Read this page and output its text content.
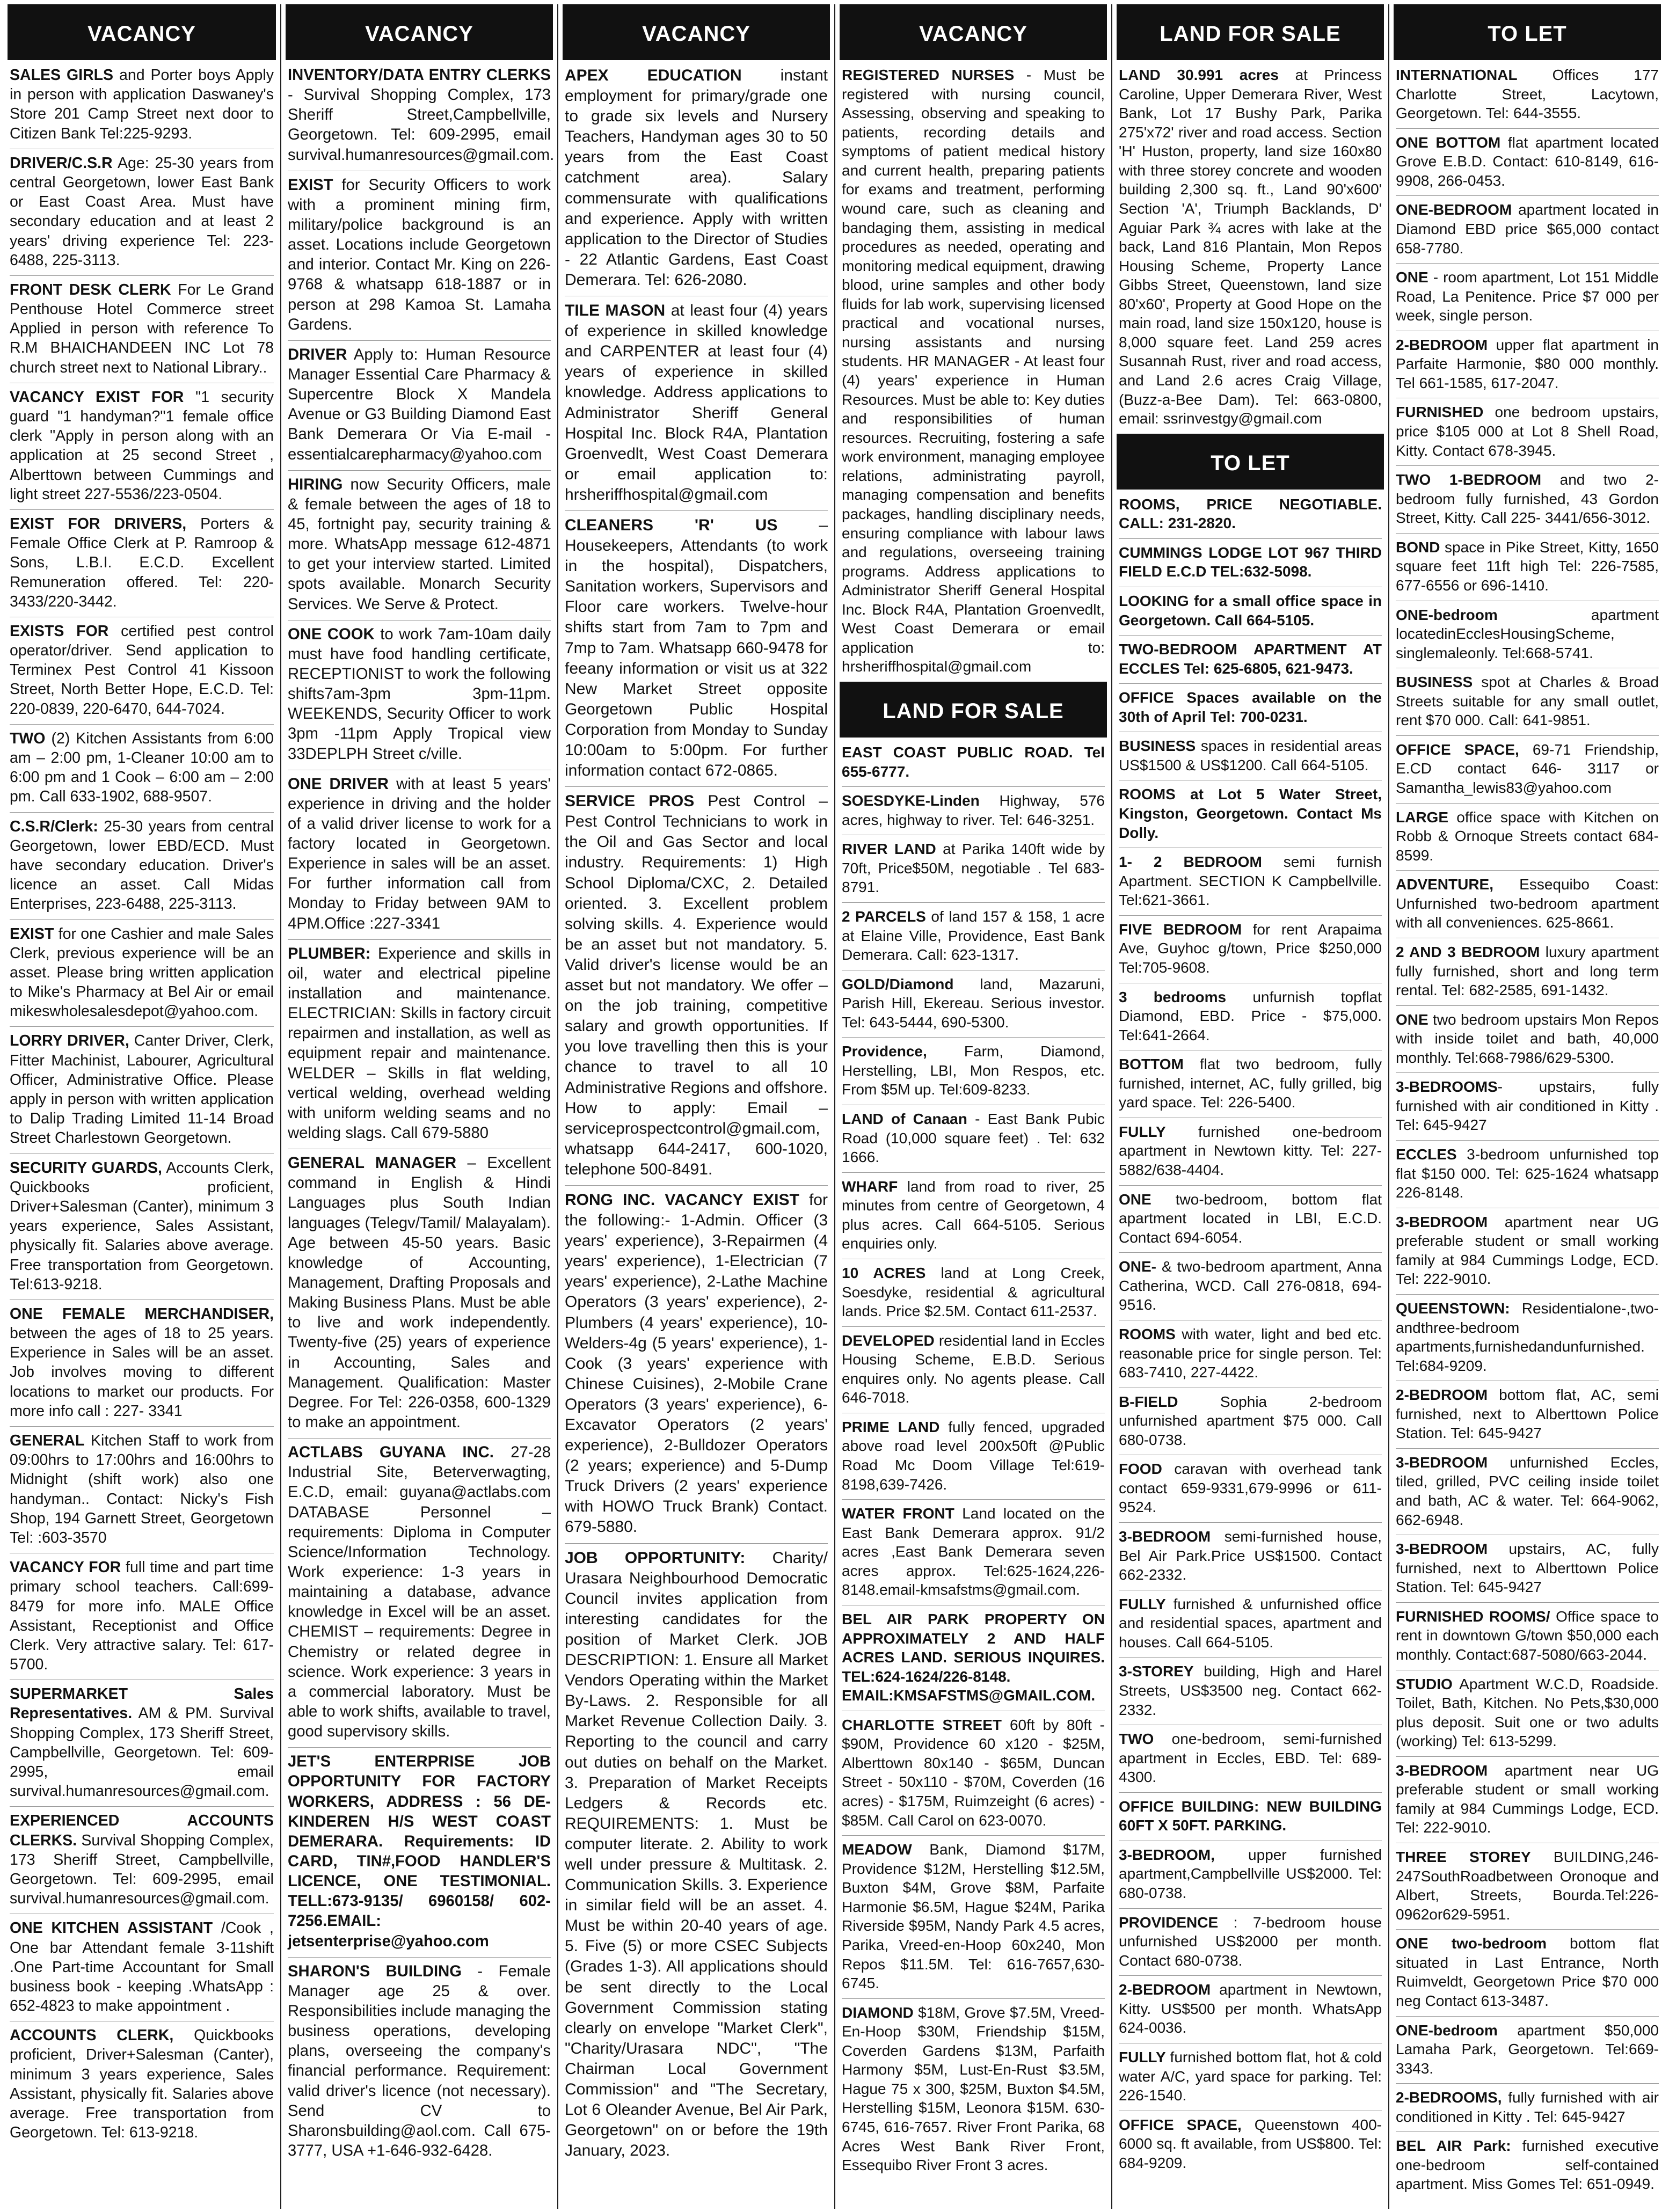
VACANCY
SALES GIRLS and Porter boys Apply in person with application Daswaney's Store 201 Camp Street next door to Citizen Bank Tel:225-9293.
DRIVER/C.S.R Age: 25-30 years from central Georgetown, lower East Bank or East Coast Area. Must have secondary education and at least 2 years' driving experience Tel: 223-6488, 225-3113.
FRONT DESK CLERK For Le Grand Penthouse Hotel Commerce street Applied in person with reference To R.M BHAICHANDEEN INC Lot 78 church street next to National Library..
VACANCY EXIST FOR "1 security guard "1 handyman?"1 female office clerk "Apply in person along with an application at 25 second Street , Alberttown between Cummings and light street 227-5536/223-0504.
EXIST FOR DRIVERS, Porters & Female Office Clerk at P. Ramroop & Sons, L.B.I. E.C.D. Excellent Remuneration offered. Tel: 220-3433/220-3442.
EXISTS FOR certified pest control operator/driver. Send application to Terminex Pest Control 41 Kissoon Street, North Better Hope, E.C.D. Tel: 220-0839, 220-6470, 644-7024.
TWO (2) Kitchen Assistants from 6:00 am – 2:00 pm, 1-Cleaner 10:00 am to 6:00 pm and 1 Cook – 6:00 am – 2:00 pm. Call 633-1902, 688-9507.
C.S.R/Clerk: 25-30 years from central Georgetown, lower EBD/ECD. Must have secondary education. Driver's licence an asset. Call Midas Enterprises, 223-6488, 225-3113.
EXIST for one Cashier and male Sales Clerk, previous experience will be an asset. Please bring written application to Mike's Pharmacy at Bel Air or email mikeswholesalesdepot@yahoo.com.
LORRY DRIVER, Canter Driver, Clerk, Fitter Machinist, Labourer, Agricultural Officer, Administrative Office. Please apply in person with written application to Dalip Trading Limited 11-14 Broad Street Charlestown Georgetown.
SECURITY GUARDS, Accounts Clerk, Quickbooks proficient, Driver+Salesman (Canter), minimum 3 years experience, Sales Assistant, physically fit. Salaries above average. Free transportation from Georgetown. Tel:613-9218.
ONE FEMALE MERCHANDISER, between the ages of 18 to 25 years. Experience in Sales will be an asset. Job involves moving to different locations to market our products. For more info call : 227- 3341
GENERAL Kitchen Staff to work from 09:00hrs to 17:00hrs and 16:00hrs to Midnight (shift work) also one handyman.. Contact: Nicky's Fish Shop, 194 Garnett Street, Georgetown Tel: :603-3570
VACANCY FOR full time and part time primary school teachers. Call:699-8479 for more info. MALE Office Assistant, Receptionist and Office Clerk. Very attractive salary. Tel: 617-5700.
SUPERMARKET Sales Representatives. AM & PM. Survival Shopping Complex, 173 Sheriff Street, Campbellville, Georgetown. Tel: 609-2995, email survival.humanresources@gmail.com.
EXPERIENCED ACCOUNTS CLERKS. Survival Shopping Complex, 173 Sheriff Street, Campbellville, Georgetown. Tel: 609-2995, email survival.humanresources@gmail.com.
ONE KITCHEN ASSISTANT /Cook , One bar Attendant female 3-11shift .One Part-time Accountant for Small business book - keeping .WhatsApp : 652-4823 to make appointment .
ACCOUNTS CLERK, Quickbooks proficient, Driver+Salesman (Canter), minimum 3 years experience, Sales Assistant, physically fit. Salaries above average. Free transportation from Georgetown. Tel: 613-9218.
VACANCY
INVENTORY/DATA ENTRY CLERKS - Survival Shopping Complex, 173 Sheriff Street,Campbellville, Georgetown. Tel: 609-2995, email survival.humanresources@gmail.com.
EXIST for Security Officers to work with a prominent mining firm, military/police background is an asset. Locations include Georgetown and interior. Contact Mr. King on 226-9768 & whatsapp 618-1887 or in person at 298 Kamoa St. Lamaha Gardens.
DRIVER Apply to: Human Resource Manager Essential Care Pharmacy & Supercentre Block X Mandela Avenue or G3 Building Diamond East Bank Demerara Or Via E-mail - essentialcarepharmacy@yahoo.com
HIRING now Security Officers, male & female between the ages of 18 to 45, fortnight pay, security training & more. WhatsApp message 612-4871 to get your interview started. Limited spots available. Monarch Security Services. We Serve & Protect.
ONE COOK to work 7am-10am daily must have food handling certificate, RECEPTIONIST to work the following shifts7am-3pm 3pm-11pm. WEEKENDS, Security Officer to work 3pm -11pm Apply Tropical view 33DEPLPH Street c/ville.
ONE DRIVER with at least 5 years' experience in driving and the holder of a valid driver license to work for a factory located in Georgetown. Experience in sales will be an asset. For further information call from Monday to Friday between 9AM to 4PM.Office :227-3341
PLUMBER: Experience and skills in oil, water and electrical pipeline installation and maintenance. ELECTRICIAN: Skills in factory circuit repairmen and installation, as well as equipment repair and maintenance. WELDER – Skills in flat welding, vertical welding, overhead welding with uniform welding seams and no welding slags. Call 679-5880
GENERAL MANAGER – Excellent command in English & Hindi Languages plus South Indian languages (Telegv/Tamil/ Malayalam). Age between 45-50 years. Basic knowledge of Accounting, Management, Drafting Proposals and Making Business Plans. Must be able to live and work independently. Twenty-five (25) years of experience in Accounting, Sales and Management. Qualification: Master Degree. For Tel: 226-0358, 600-1329 to make an appointment.
ACTLABS GUYANA INC. 27-28 Industrial Site, Beterverwagting, E.C.D, email: guyana@actlabs.com DATABASE Personnel – requirements: Diploma in Computer Science/Information Technology. Work experience: 1-3 years in maintaining a database, advance knowledge in Excel will be an asset. CHEMIST – requirements: Degree in Chemistry or related degree in science. Work experience: 3 years in a commercial laboratory. Must be able to work shifts, available to travel, good supervisory skills.
JET'S ENTERPRISE JOB OPPORTUNITY FOR FACTORY WORKERS, ADDRESS : 56 DE-KINDEREN H/S WEST COAST DEMERARA. Requirements: ID CARD, TIN#,FOOD HANDLER'S LICENCE, ONE TESTIMONIAL. TELL:673-9135/ 6960158/ 602-7256.EMAIL: jetsenterprise@yahoo.com
SHARON'S BUILDING - Female Manager age 25 & over. Responsibilities include managing the business operations, developing plans, overseeing the company's financial performance. Requirement: valid driver's licence (not necessary). Send CV to Sharonsbuilding@aol.com. Call 675-3777, USA +1-646-932-6428.
VACANCY
APEX EDUCATION instant employment for primary/grade one to grade six levels and Nursery Teachers, Handyman ages 30 to 50 years from the East Coast catchment area). Salary commensurate with qualifications and experience. Apply with written application to the Director of Studies - 22 Atlantic Gardens, East Coast Demerara. Tel: 626-2080.
TILE MASON at least four (4) years of experience in skilled knowledge and CARPENTER at least four (4) years of experience in skilled knowledge. Address applications to Administrator Sheriff General Hospital Inc. Block R4A, Plantation Groenvedlt, West Coast Demerara or email application to: hrsheriffhospital@gmail.com
CLEANERS 'R' US – Housekeepers, Attendants (to work in the hospital), Dispatchers, Sanitation workers, Supervisors and Floor care workers. Twelve-hour shifts start from 7am to 7pm and 7mp to 7am. Whatsapp 660-9478 for feeany information or visit us at 322 New Market Street opposite Georgetown Public Hospital Corporation from Monday to Sunday 10:00am to 5:00pm. For further information contact 672-0865.
SERVICE PROS Pest Control – Pest Control Technicians to work in the Oil and Gas Sector and local industry. Requirements: 1) High School Diploma/CXC, 2. Detailed oriented. 3. Excellent problem solving skills. 4. Experience would be an asset but not mandatory. 5. Valid driver's license would be an asset but not mandatory. We offer – on the job training, competitive salary and growth opportunities. If you love travelling then this is your chance to travel to all 10 Administrative Regions and offshore. How to apply: Email – serviceprospectcontrol@gmail.com, whatsapp 644-2417, 600-1020, telephone 500-8491.
RONG INC. VACANCY EXIST for the following:- 1-Admin. Officer (3 years' experience), 3-Repairmen (4 years' experience), 1-Electrician (7 years' experience), 2-Lathe Machine Operators (3 years' experience), 2- Plumbers (4 years' experience), 10-Welders-4g (5 years' experience), 1-Cook (3 years' experience with Chinese Cuisines), 2-Mobile Crane Operators (3 years' experience), 6-Excavator Operators (2 years' experience), 2-Bulldozer Operators (2 years; experience) and 5-Dump Truck Drivers (2 years' experience with HOWO Truck Brank) Contact. 679-5880.
JOB OPPORTUNITY: Charity/ Urasara Neighbourhood Democratic Council invites application from interesting candidates for the position of Market Clerk. JOB DESCRIPTION: 1. Ensure all Market Vendors Operating within the Market By-Laws. 2. Responsible for all Market Revenue Collection Daily. 3. Reporting to the council and carry out duties on behalf on the Market. 3. Preparation of Market Receipts Ledgers & Records etc. REQUIREMENTS: 1. Must be computer literate. 2. Ability to work well under pressure & Multitask. 2. Communication Skills. 3. Experience in similar field will be an asset. 4. Must be within 20-40 years of age. 5. Five (5) or more CSEC Subjects (Grades 1-3). All applications should be sent directly to the Local Government Commission stating clearly on envelope "Market Clerk", "Charity/Urasara NDC", "The Chairman Local Government Commission" and "The Secretary, Lot 6 Oleander Avenue, Bel Air Park, Georgetown" on or before the 19th January, 2023.
VACANCY
REGISTERED NURSES - Must be registered with nursing council, Assessing, observing and speaking to patients, recording details and symptoms of patient medical history and current health, preparing patients for exams and treatment, performing wound care, such as cleaning and bandaging them, assisting in medical procedures as needed, operating and monitoring medical equipment, drawing blood, urine samples and other body fluids for lab work, supervising licensed practical and vocational nurses, nursing assistants and nursing students. HR MANAGER - At least four (4) years' experience in Human Resources. Must be able to: Key duties and responsibilities of human resources. Recruiting, fostering a safe work environment, managing employee relations, administrating payroll, managing compensation and benefits packages, handling disciplinary needs, ensuring compliance with labour laws and regulations, overseeing training programs. Address applications to Administrator Sheriff General Hospital Inc. Block R4A, Plantation Groenvedlt, West Coast Demerara or email application to: hrsheriffhospital@gmail.com
LAND FOR SALE
EAST COAST PUBLIC ROAD. Tel 655-6777.
SOESDYKE-Linden Highway, 576 acres, highway to river. Tel: 646-3251.
RIVER LAND at Parika 140ft wide by 70ft, Price$50M, negotiable . Tel 683-8791.
2 PARCELS of land 157 & 158, 1 acre at Elaine Ville, Providence, East Bank Demerara. Call: 623-1317.
GOLD/Diamond land, Mazaruni, Parish Hill, Ekereau. Serious investor. Tel: 643-5444, 690-5300.
Providence, Farm, Diamond, Herstelling, LBI, Mon Respos, etc. From $5M up. Tel:609-8233.
LAND of Canaan - East Bank Pubic Road (10,000 square feet) . Tel: 632 1666.
WHARF land from road to river, 25 minutes from centre of Georgetown, 4 plus acres. Call 664-5105. Serious enquiries only.
10 ACRES land at Long Creek, Soesdyke, residential & agricultural lands. Price $2.5M. Contact 611-2537.
DEVELOPED residential land in Eccles Housing Scheme, E.B.D. Serious enquires only. No agents please. Call 646-7018.
PRIME LAND fully fenced, upgraded above road level 200x50ft @Public Road Mc Doom Village Tel:619-8198,639-7426.
WATER FRONT Land located on the East Bank Demerara approx. 91/2 acres ,East Bank Demerara seven acres approx. Tel:625-1624,226-8148.email-kmsafstms@gmail.com.
BEL AIR PARK PROPERTY ON APPROXIMATELY 2 AND HALF ACRES LAND. SERIOUS INQUIRES. TEL:624-1624/226-8148. EMAIL:KMSAFSTMS@GMAIL.COM.
CHARLOTTE STREET 60ft by 80ft - $90M, Providence 60 x120 - $25M, Alberttown 80x140 - $65M, Duncan Street - 50x110 - $70M, Coverden (16 acres) - $175M, Ruimzeight (6 acres) - $85M. Call Carol on 623-0070.
MEADOW Bank, Diamond $17M, Providence $12M, Herstelling $12.5M, Buxton $4M, Grove $8M, Parfaite Harmonie $6.5M, Hague $24M, Parika Riverside $95M, Nandy Park 4.5 acres, Parika, Vreed-en-Hoop 60x240, Mon Repos $11.5M. Tel: 616-7657,630-6745.
DIAMOND $18M, Grove $7.5M, Vreed-En-Hoop $30M, Friendship $15M, Coverden Gardens $13M, Parfaith Harmony $5M, Lust-En-Rust $3.5M, Hague 75 x 300, $25M, Buxton $4.5M, Herstelling $15M, Leonora $15M. 630-6745, 616-7657. River Front Parika, 68 Acres West Bank River Front, Essequibo River Front 3 acres.
LAND FOR SALE
LAND 30.991 acres at Princess Caroline, Upper Demerara River, West Bank, Lot 17 Bushy Park, Parika 275'x72' river and road access. Section 'H' Huston, property, land size 160x80 with three storey concrete and wooden building 2,300 sq. ft., Land 90'x600' Section 'A', Triumph Backlands, D' Aguiar Park ¾ acres with lake at the back, Land 816 Plantain, Mon Repos Housing Scheme, Property Lance Gibbs Street, Queenstown, land size 80'x60', Property at Good Hope on the main road, land size 150x120, house is 8,000 square feet. Land 259 acres Susannah Rust, river and road access, and Land 2.6 acres Craig Village, (Buzz-a-Bee Dam). Tel: 663-0800, email: ssrinvestgy@gmail.com
TO LET
ROOMS, PRICE NEGOTIABLE. CALL: 231-2820.
CUMMINGS LODGE LOT 967 THIRD FIELD E.C.D TEL:632-5098.
LOOKING for a small office space in Georgetown. Call 664-5105.
TWO-BEDROOM APARTMENT AT ECCLES Tel: 625-6805, 621-9473.
OFFICE Spaces available on the 30th of April Tel: 700-0231.
BUSINESS spaces in residential areas US$1500 & US$1200. Call 664-5105.
ROOMS at Lot 5 Water Street, Kingston, Georgetown. Contact Ms Dolly.
1- 2 BEDROOM semi furnish Apartment. SECTION K Campbellville. Tel:621-3661.
FIVE BEDROOM for rent Arapaima Ave, Guyhoc g/town, Price $250,000 Tel:705-9608.
3 bedrooms unfurnish topflat Diamond, EBD. Price - $75,000. Tel:641-2664.
BOTTOM flat two bedroom, fully furnished, internet, AC, fully grilled, big yard space. Tel: 226-5400.
FULLY furnished one-bedroom apartment in Newtown kitty. Tel: 227-5882/638-4404.
ONE two-bedroom, bottom flat apartment located in LBI, E.C.D. Contact 694-6054.
ONE- & two-bedroom apartment, Anna Catherina, WCD. Call 276-0818, 694-9516.
ROOMS with water, light and bed etc. reasonable price for single person. Tel: 683-7410, 227-4422.
B-FIELD Sophia 2-bedroom unfurnished apartment $75 000. Call 680-0738.
FOOD caravan with overhead tank contact 659-9331,679-9996 or 611-9524.
3-BEDROOM semi-furnished house, Bel Air Park.Price US$1500. Contact 662-2332.
FULLY furnished & unfurnished office and residential spaces, apartment and houses. Call 664-5105.
3-STOREY building, High and Harel Streets, US$3500 neg. Contact 662-2332.
TWO one-bedroom, semi-furnished apartment in Eccles, EBD. Tel: 689-4300.
OFFICE BUILDING: NEW BUILDING 60FT X 50FT. PARKING.
3-BEDROOM, upper furnished apartment,Campbellville US$2000. Tel: 680-0738.
PROVIDENCE : 7-bedroom house unfurnished US$2000 per month. Contact 680-0738.
2-BEDROOM apartment in Newtown, Kitty. US$500 per month. WhatsApp 624-0036.
FULLY furnished bottom flat, hot & cold water A/C, yard space for parking. Tel: 226-1540.
OFFICE SPACE, Queenstown 400-6000 sq. ft available, from US$800. Tel: 684-9209.
TO LET
INTERNATIONAL Offices 177 Charlotte Street, Lacytown, Georgetown. Tel: 644-3555.
ONE BOTTOM flat apartment located Grove E.B.D. Contact: 610-8149, 616-9908, 266-0453.
ONE-BEDROOM apartment located in Diamond EBD price $65,000 contact 658-7780.
ONE - room apartment, Lot 151 Middle Road, La Penitence. Price $7 000 per week, single person.
2-BEDROOM upper flat apartment in Parfaite Harmonie, $80 000 monthly. Tel 661-1585, 617-2047.
FURNISHED one bedroom upstairs, price $105 000 at Lot 8 Shell Road, Kitty. Contact 678-3945.
TWO 1-BEDROOM and two 2-bedroom fully furnished, 43 Gordon Street, Kitty. Call 225- 3441/656-3012.
BOND space in Pike Street, Kitty, 1650 square feet 11ft high Tel: 226-7585, 677-6556 or 696-1410.
ONE-bedroom apartment locatedinEcclesHousingScheme, singlemaleonly. Tel:668-5741.
BUSINESS spot at Charles & Broad Streets suitable for any small outlet, rent $70 000. Call: 641-9851.
OFFICE SPACE, 69-71 Friendship, E.CD contact 646- 3117 or Samantha_lewis83@yahoo.com
LARGE office space with Kitchen on Robb & Ornoque Streets contact 684-8599.
ADVENTURE, Essequibo Coast: Unfurnished two-bedroom apartment with all conveniences. 625-8661.
2 AND 3 BEDROOM luxury apartment fully furnished, short and long term rental. Tel: 682-2585, 691-1432.
ONE two bedroom upstairs Mon Repos with inside toilet and bath, 40,000 monthly. Tel:668-7986/629-5300.
3-BEDROOMS- upstairs, fully furnished with air conditioned in Kitty . Tel: 645-9427
ECCLES 3-bedroom unfurnished top flat $150 000. Tel: 625-1624 whatsapp 226-8148.
3-BEDROOM apartment near UG preferable student or small working family at 984 Cummings Lodge, ECD. Tel: 222-9010.
QUEENSTOWN: Residentialone-,two-andthree-bedroom apartments,furnishedandunfurnished. Tel:684-9209.
2-BEDROOM bottom flat, AC, semi furnished, next to Alberttown Police Station. Tel: 645-9427
3-BEDROOM unfurnished Eccles, tiled, grilled, PVC ceiling inside toilet and bath, AC & water. Tel: 664-9062, 662-6948.
3-BEDROOM upstairs, AC, fully furnished, next to Alberttown Police Station. Tel: 645-9427
FURNISHED ROOMS/ Office space to rent in downtown G/town $50,000 each monthly. Contact:687-5080/663-2044.
STUDIO Apartment W.C.D, Roadside. Toilet, Bath, Kitchen. No Pets,$30,000 plus deposit. Suit one or two adults (working) Tel: 613-5299.
3-BEDROOM apartment near UG preferable student or small working family at 984 Cummings Lodge, ECD. Tel: 222-9010.
THREE STOREY BUILDING,246-247SouthRoadbetween Oronoque and Albert, Streets, Bourda.Tel:226-0962or629-5951.
ONE two-bedroom bottom flat situated in Last Entrance, North Ruimveldt, Georgetown Price $70 000 neg Contact 613-3487.
ONE-bedroom apartment $50,000 Lamaha Park, Georgetown. Tel:669-3343.
2-BEDROOMS, fully furnished with air conditioned in Kitty . Tel: 645-9427
BEL AIR Park: furnished executive one-bedroom self-contained apartment. Miss Gomes Tel: 651-0949.
